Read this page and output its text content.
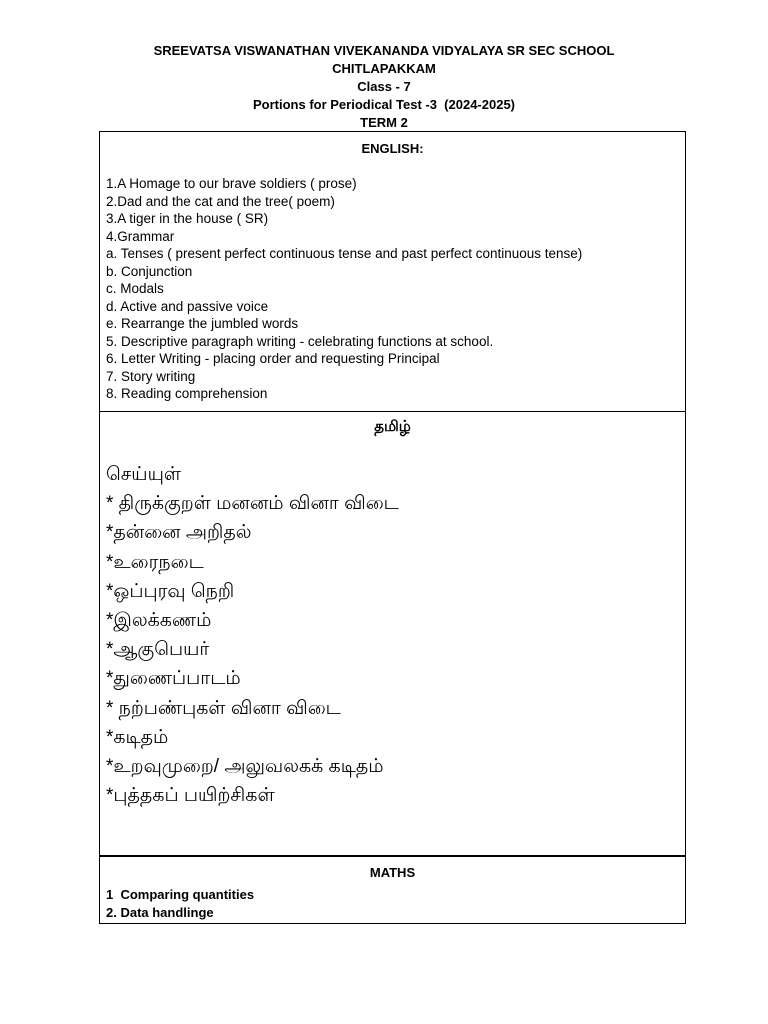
SREEVATSA VISWANATHAN VIVEKANANDA VIDYALAYA SR SEC SCHOOL
CHITLAPAKKAM
Class - 7
Portions for Periodical Test -3  (2024-2025)
TERM 2
ENGLISH:
1.A Homage to our brave soldiers ( prose)
2.Dad and the cat and the tree( poem)
3.A tiger in the house ( SR)
4.Grammar
a. Tenses ( present perfect continuous tense and past perfect continuous tense)
b. Conjunction
c. Modals
d. Active and passive voice
e. Rearrange the jumbled words
5. Descriptive paragraph writing - celebrating functions at school.
6. Letter Writing - placing order and requesting Principal
7. Story writing
8. Reading comprehension
தமிழ்
செய்யுள்
* திருக்குறள் மனனம் வினா விடை
*தன்னை அறிதல்
*உரைநடை
*ஒப்புரவு நெறி
*இலக்கணம்
*ஆகுபெயர்
*துணைப்பாடம்
* நற்பண்புகள் வினா விடை
*கடிதம்
*உறவுமுறை/ அலுவலகக் கடிதம்
*புத்தகப் பயிற்சிகள்
MATHS
1  Comparing quantities
2. Data handlinge
